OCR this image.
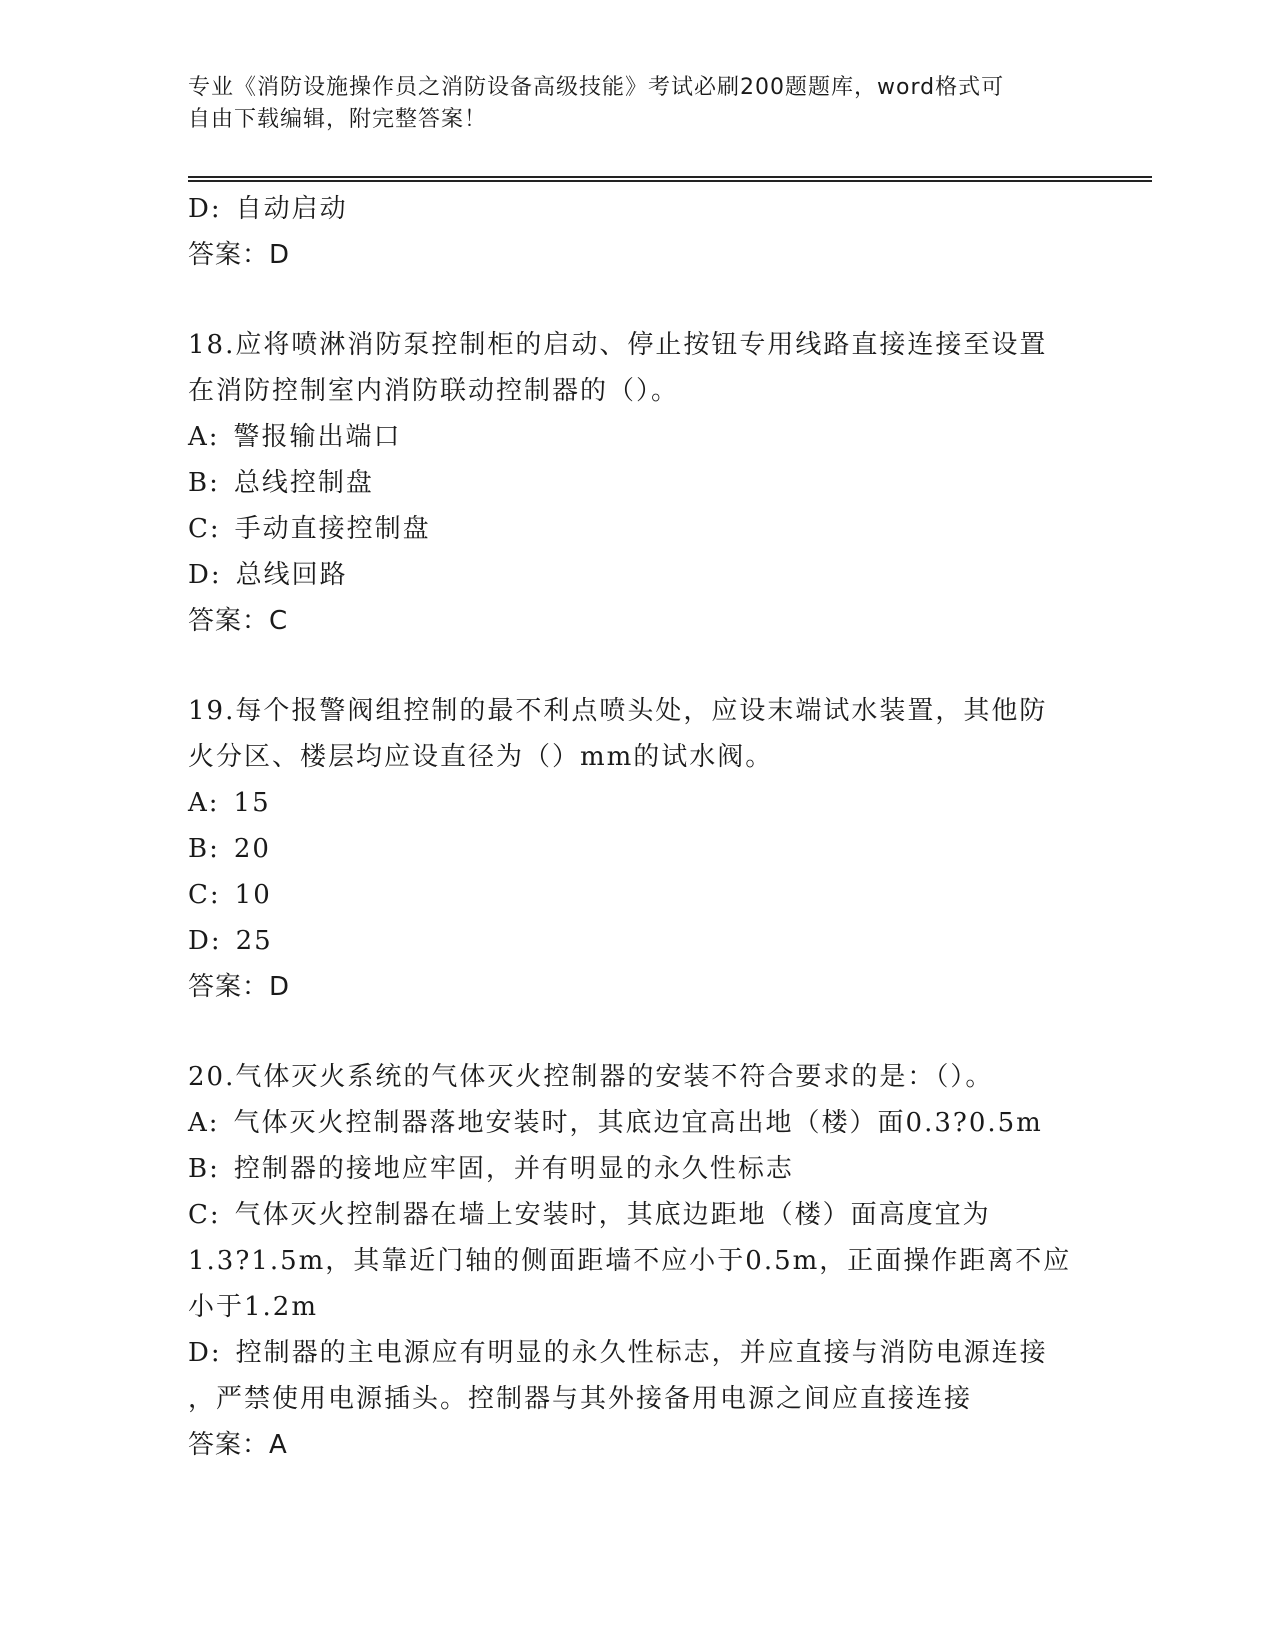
专业《消防设施操作员之消防设备高级技能》考试必刷200题题库，word格式可
自由下载编辑，附完整答案！
D: 自动启动
答案：D
18.应将喷淋消防泵控制柜的启动、停止按钮专用线路直接连接至设置
在消防控制室内消防联动控制器的（）。
A: 警报输出端口
B: 总线控制盘
C: 手动直接控制盘
D: 总线回路
答案：C
19.每个报警阀组控制的最不利点喷头处，应设末端试水装置，其他防
火分区、楼层均应设直径为（）mm的试水阀。
A: 15
B: 20
C: 10
D: 25
答案：D
20.气体灭火系统的气体灭火控制器的安装不符合要求的是：（）。
A: 气体灭火控制器落地安装时，其底边宜高出地（楼）面0.3?0.5m
B: 控制器的接地应牢固，并有明显的永久性标志
C: 气体灭火控制器在墙上安装时，其底边距地（楼）面高度宜为
1.3?1.5m，其靠近门轴的侧面距墙不应小于0.5m，正面操作距离不应
小于1.2m
D: 控制器的主电源应有明显的永久性标志，并应直接与消防电源连接
，严禁使用电源插头。控制器与其外接备用电源之间应直接连接
答案：A
